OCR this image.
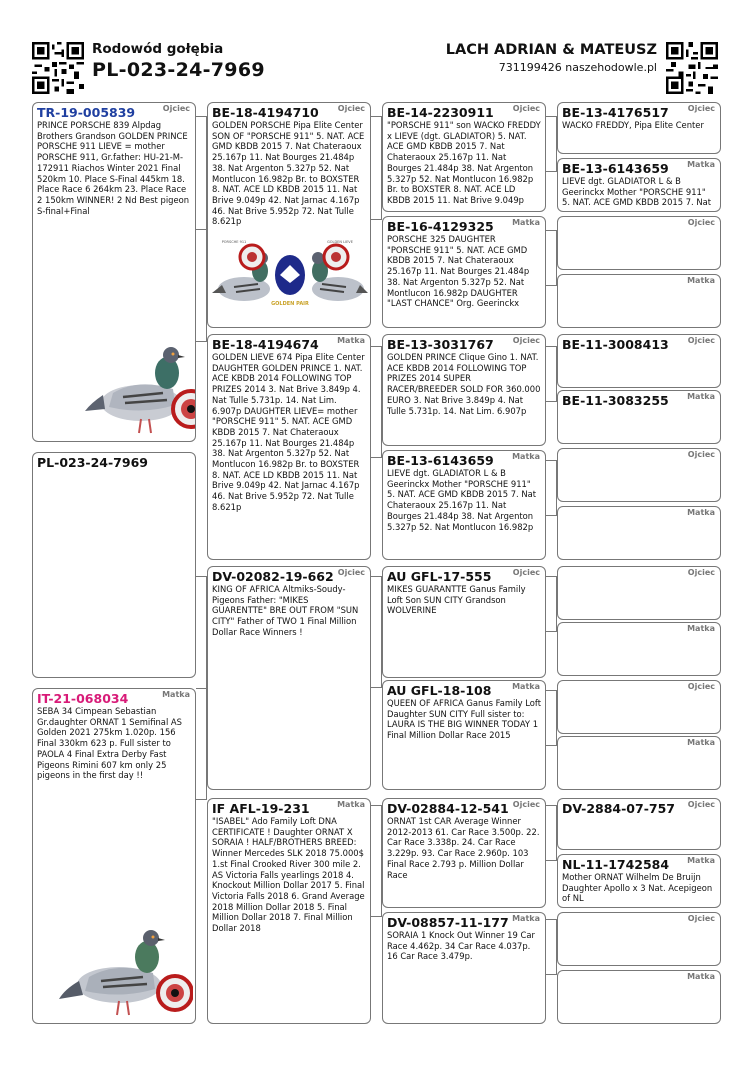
Rodowód gołębia
PL-023-24-7969
LACH ADRIAN & MATEUSZ
731199426 naszehodowle.pl
TR-19-005839	Ojciec
PRINCE PORSCHE 839 Alpdag Brothers Grandson GOLDEN PRINCE PORSCHE 911 LIEVE = mother PORSCHE 911, Gr.father: HU-21-M-172911 Riachos Winter 2021 Final 520km 10. Place S-Final 445km 18. Place Race 6 264km 23. Place Race 2 150km WINNER! 2 Nd Best pigeon S-final+Final
PL-023-24-7969
IT-21-068034	Matka
SEBA 34 Cimpean Sebastian Gr.daughter ORNAT 1 Semifinal AS Golden 2021 275km 1.020p. 156 Final 330km 623 p. Full sister to PAOLA 4 Final Extra Derby Fast Pigeons Rimini 607 km only 25 pigeons in the first day !!
BE-18-4194710 Ojciec
GOLDEN PORSCHE Pipa Elite Center SON OF "PORSCHE 911" 5. NAT. ACE GMD KBDB 2015 7. Nat Chateraoux 25.167p 11. Nat Bourges 21.484p 38. Nat Argenton 5.327p 52. Nat Montlucon 16.982p Br. to BOXSTER 8. NAT. ACE LD KBDB 2015 11. Nat Brive 9.049p 42. Nat Jarnac 4.167p 46. Nat Brive 5.952p 72. Nat Tulle 8.621p
GOLDEN PAIR
PORSCHE 911	GOLDEN LIEVE
BE-18-4194674 Matka
GOLDEN LIEVE 674 Pipa Elite Center DAUGHTER GOLDEN PRINCE 1. NAT. ACE KBDB 2014 FOLLOWING TOP PRIZES 2014 3. Nat Brive 3.849p 4. Nat Tulle 5.731p. 14. Nat Lim. 6.907p DAUGHTER LIEVE= mother "PORSCHE 911" 5. NAT. ACE GMD KBDB 2015 7. Nat Chateraoux 25.167p 11. Nat Bourges 21.484p 38. Nat Argenton 5.327p 52. Nat Montlucon 16.982p Br. to BOXSTER 8. NAT. ACE LD KBDB 2015 11. Nat Brive 9.049p 42. Nat Jarnac 4.167p 46. Nat Brive 5.952p 72. Nat Tulle 8.621p
DV-02082-19-662 Ojciec
KING OF AFRICA Altmiks-Soudy-Pigeons Father: "MIKES GUARENTTE" BRE OUT FROM "SUN CITY" Father of TWO 1 Final Million Dollar Race Winners !
IF AFL-19-231	Matka
"ISABEL" Ado Family Loft DNA CERTIFICATE ! Daughter ORNAT X SORAIA ! HALF/BROTHERS BREED: Winner Mercedes SLK 2018 75.000$ 1.st Final Crooked River 300 mile 2. AS Victoria Falls yearlings 2018 4. Knockout Million Dollar 2017 5. Final Victoria Falls 2018 6. Grand Average 2018 Million Dollar 2018 5. Final Million Dollar 2018 7. Final Million Dollar 2018
BE-14-2230911 Ojciec
"PORSCHE 911" son WACKO FREDDY x LIEVE (dgt. GLADIATOR) 5. NAT. ACE GMD KBDB 2015 7. Nat Chateraoux 25.167p 11. Nat Bourges 21.484p 38. Nat Argenton 5.327p 52. Nat Montlucon 16.982p Br. to BOXSTER 8. NAT. ACE LD KBDB 2015 11. Nat Brive 9.049p
BE-16-4129325 Matka
PORSCHE 325 DAUGHTER "PORSCHE 911" 5. NAT. ACE GMD KBDB 2015 7. Nat Chateraoux 25.167p 11. Nat Bourges 21.484p 38. Nat Argenton 5.327p 52. Nat Montlucon 16.982p DAUGHTER "LAST CHANCE" Org. Geerinckx
BE-13-3031767 Ojciec
GOLDEN PRINCE Clique Gino 1. NAT. ACE KBDB 2014 FOLLOWING TOP PRIZES 2014 SUPER RACER/BREEDER SOLD FOR 360.000 EURO 3. Nat Brive 3.849p 4. Nat Tulle 5.731p. 14. Nat Lim. 6.907p
BE-13-6143659 Matka
LIEVE dgt. GLADIATOR L & B Geerinckx Mother "PORSCHE 911" 5. NAT. ACE GMD KBDB 2015 7. Nat Chateraoux 25.167p 11. Nat Bourges 21.484p 38. Nat Argenton 5.327p 52. Nat Montlucon 16.982p
AU GFL-17-555	Ojciec
MIKES GUARANTTE Ganus Family Loft Son SUN CITY Grandson WOLVERINE
AU GFL-18-108	Matka
QUEEN OF AFRICA Ganus Family Loft Daughter SUN CITY Full sister to: LAURA IS THE BIG WINNER TODAY 1 Final Million Dollar Race 2015
DV-02884-12-541 Ojciec
ORNAT 1st CAR Average Winner 2012-2013 61. Car Race 3.500p. 22. Car Race 3.338p. 24. Car Race 3.229p. 93. Car Race 2.960p. 103 Final Race 2.793 p. Million Dollar Race
DV-08857-11-177 Matka
SORAIA 1 Knock Out Winner 19 Car Race 4.462p. 34 Car Race 4.037p. 16 Car Race 3.479p.
BE-13-4176517 Ojciec
WACKO FREDDY, Pipa Elite Center
BE-13-6143659 Matka
LIEVE dgt. GLADIATOR L & B Geerinckx Mother "PORSCHE 911" 5. NAT. ACE GMD KBDB 2015 7. Nat
Ojciec
Matka
BE-11-3008413 Ojciec
BE-11-3083255 Matka
Ojciec
Matka
Ojciec
Matka
Ojciec
Matka
DV-2884-07-757 Ojciec
NL-11-1742584 Matka
Mother ORNAT Wilhelm De Bruijn Daughter Apollo x 3 Nat. Acepigeon of NL
Ojciec
Matka
